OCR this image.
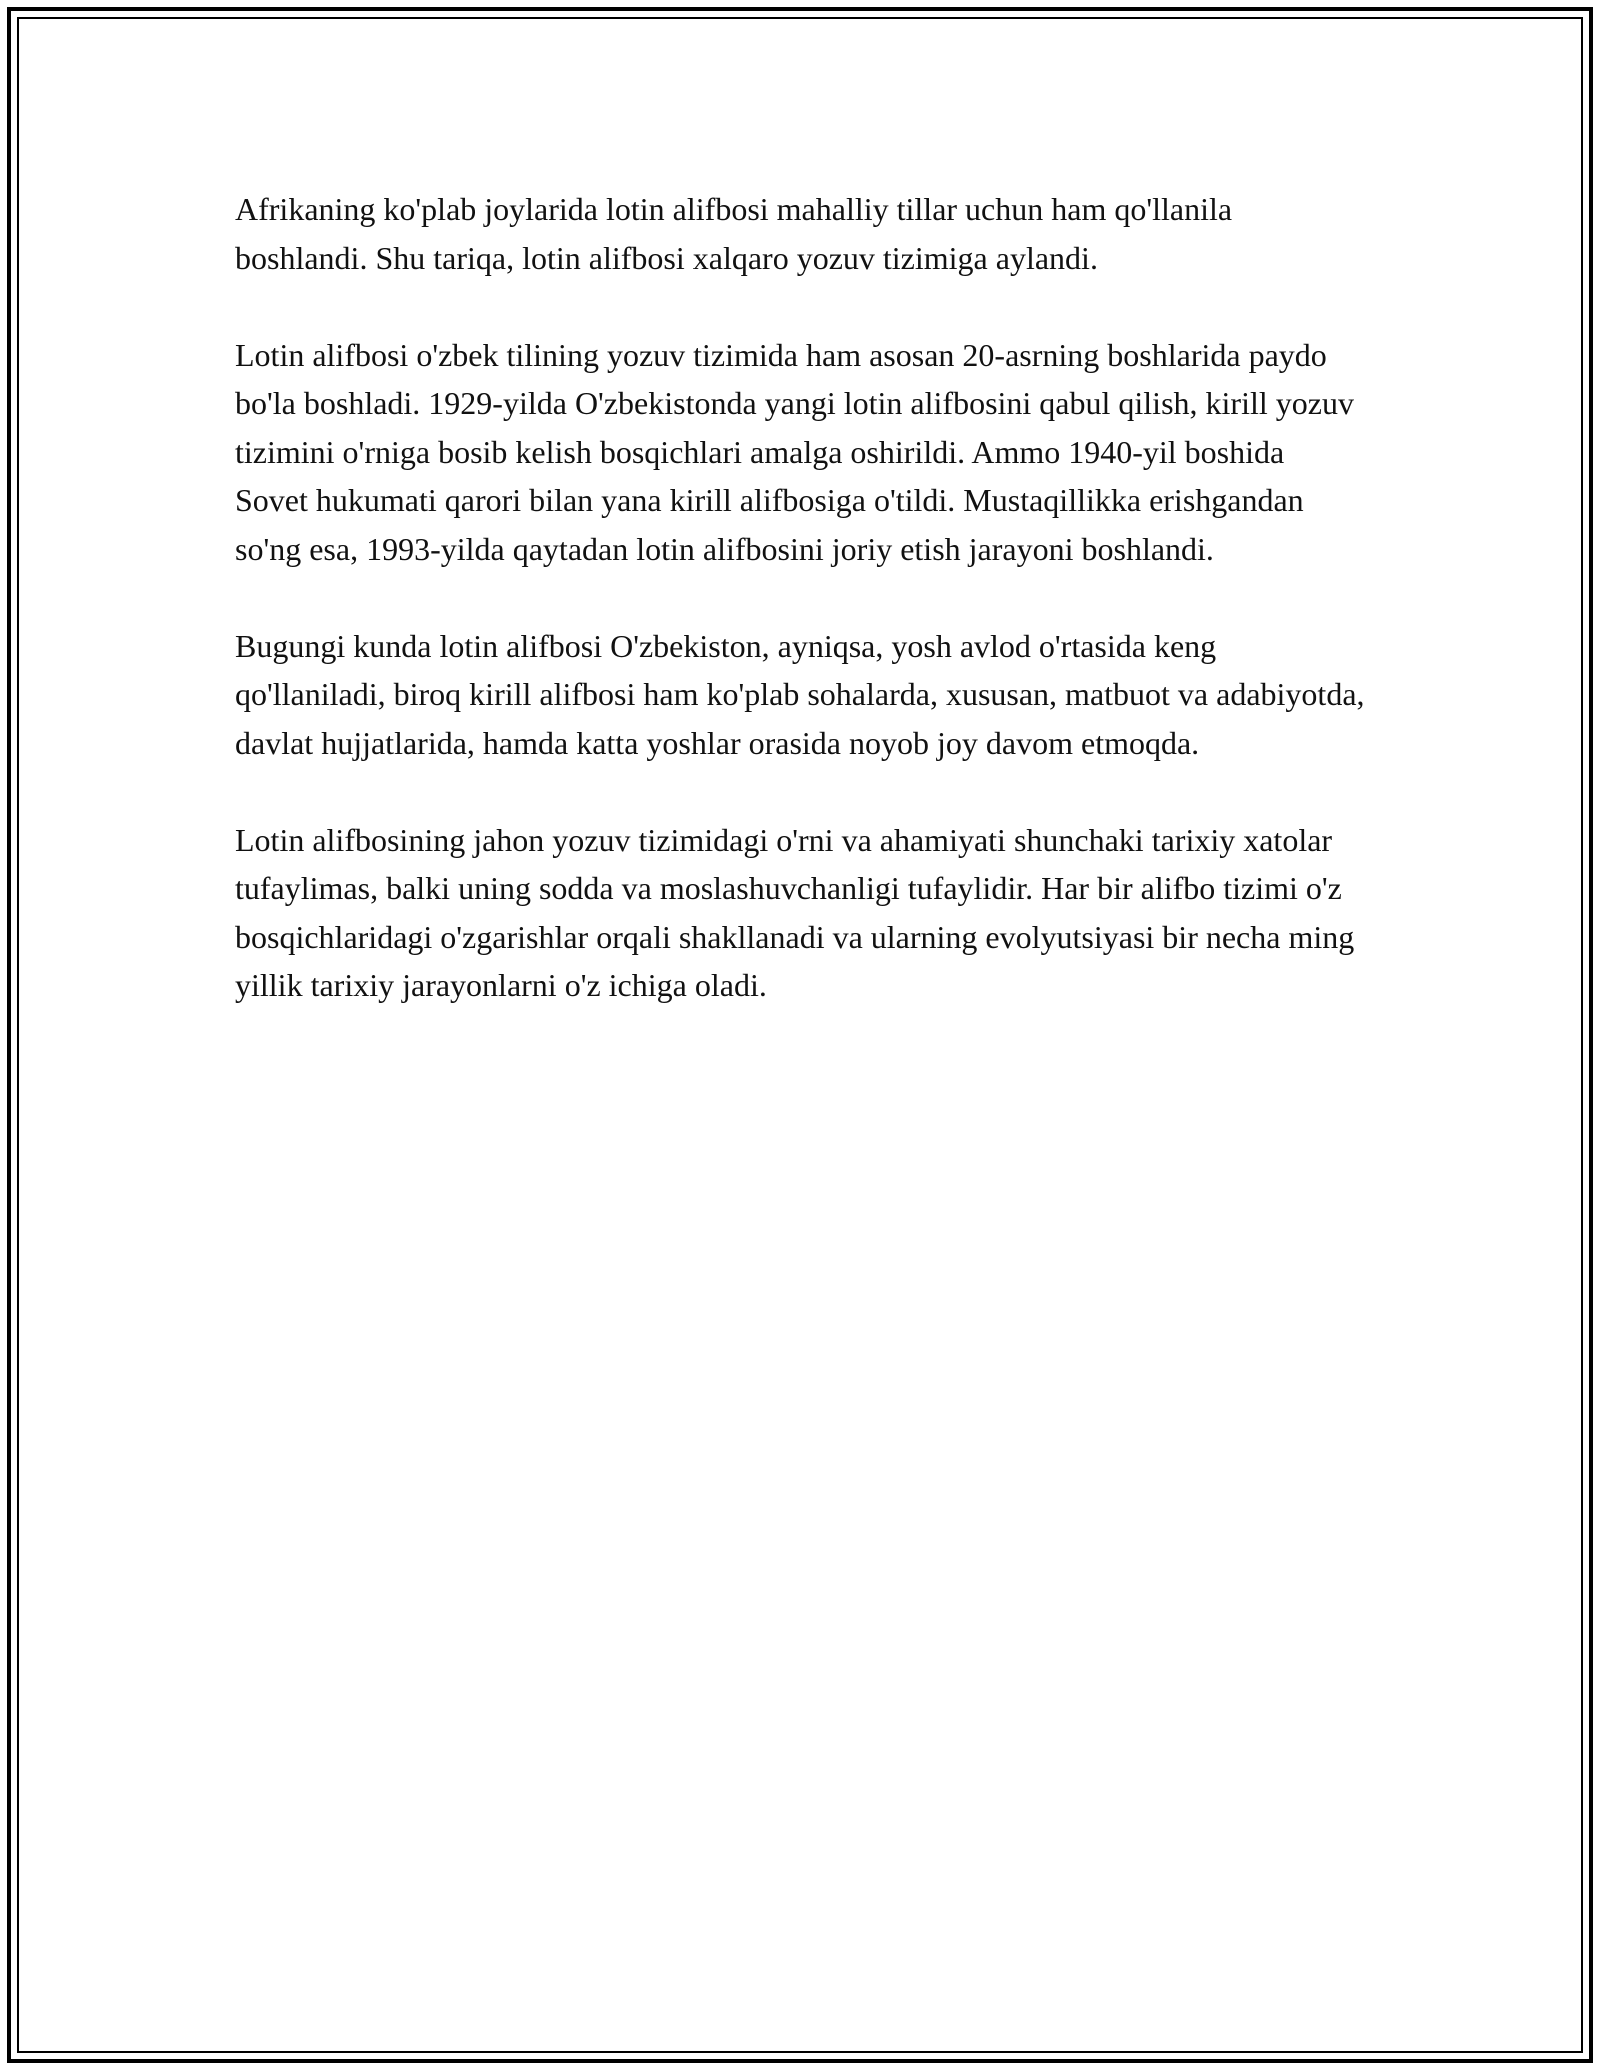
Afrikaning ko'plab joylarida lotin alifbosi mahalliy tillar uchun ham qo'llanila boshlandi. Shu tariqa, lotin alifbosi xalqaro yozuv tizimiga aylandi.

Lotin alifbosi o'zbek tilining yozuv tizimida ham asosan 20-asrning boshlarida paydo bo'la boshladi. 1929-yilda O'zbekistonda yangi lotin alifbosini qabul qilish, kirill yozuv tizimini o'rniga bosib kelish bosqichlari amalga oshirildi. Ammo 1940-yil boshida Sovet hukumati qarori bilan yana kirill alifbosiga o'tildi. Mustaqillikka erishgandan so'ng esa, 1993-yilda qaytadan lotin alifbosini joriy etish jarayoni boshlandi.

Bugungi kunda lotin alifbosi O'zbekiston, ayniqsa, yosh avlod o'rtasida keng qo'llaniladi, biroq kirill alifbosi ham ko'plab sohalarda, xususan, matbuot va adabiyotda, davlat hujjatlarida, hamda katta yoshlar orasida noyob joy davom etmoqda.

Lotin alifbosining jahon yozuv tizimidagi o'rni va ahamiyati shunchaki tarixiy xatolar tufaylimas, balki uning sodda va moslashuvchanligi tufaylidir. Har bir alifbo tizimi o'z bosqichlaridagi o'zgarishlar orqali shakllanadi va ularning evolyutsiyasi bir necha ming yillik tarixiy jarayonlarni o'z ichiga oladi.
